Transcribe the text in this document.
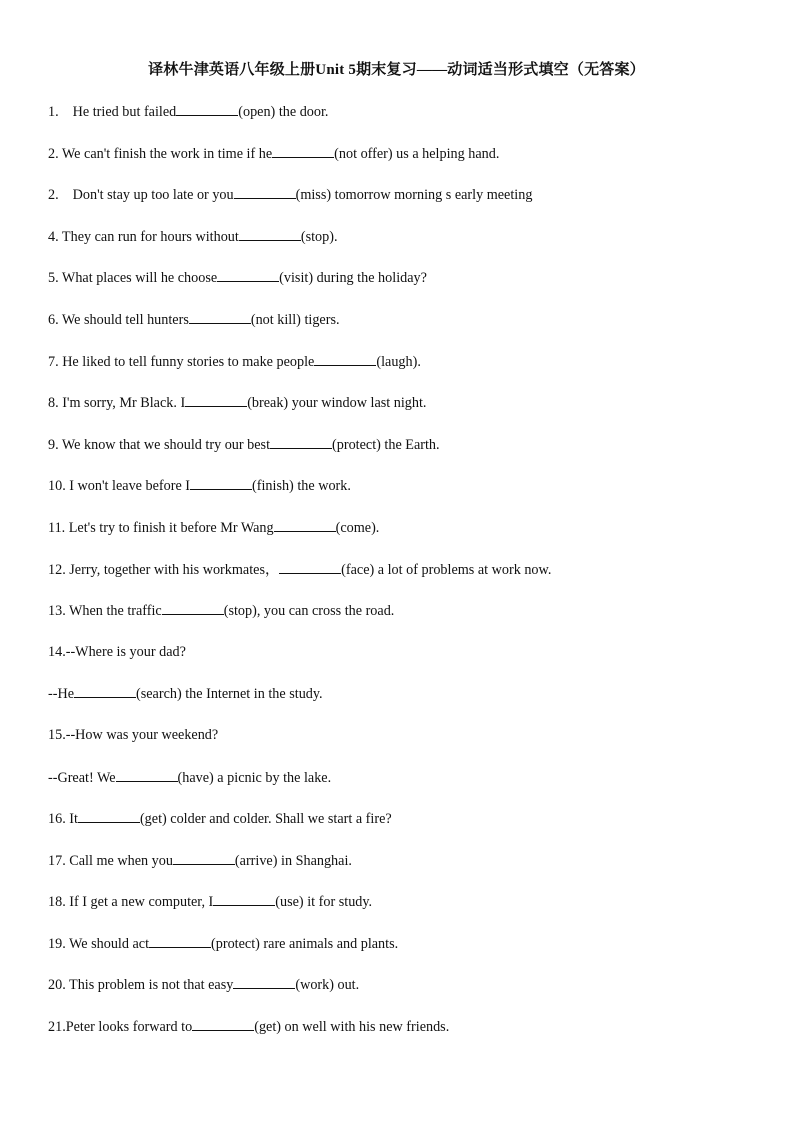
译林牛津英语八年级上册Unit 5期末复习——动词适当形式填空（无答案）
1. He tried but failed	(open) the door.
2. We can't finish the work in time if he	(not offer) us a helping hand.
2. Don't stay up too late or you	(miss) tomorrow morning s early meeting
4. They can run for hours without	(stop).
5. What places will he choose	(visit) during the holiday?
6. We should tell hunters	(not kill) tigers.
7. He liked to tell funny stories to make people	(laugh).
8. I'm sorry, Mr Black. I	(break) your window last night.
9. We know that we should try our best	(protect) the Earth.
10. I won't leave before I	(finish) the work.
11. Let's try to finish it before Mr Wang	(come).
12. Jerry, together with his workmates，	(face) a lot of problems at work now.
13. When the traffic	(stop), you can cross the road.
14.--Where is your dad?
--He	(search) the Internet in the study.
15.--How was your weekend?
--Great! We	(have) a picnic by the lake.
16. It	(get) colder and colder. Shall we start a fire?
17. Call me when you	(arrive) in Shanghai.
18. If I get a new computer, I	(use) it for study.
19. We should act	(protect) rare animals and plants.
20. This problem is not that easy	(work) out.
21.Peter looks forward to	(get) on well with his new friends.
